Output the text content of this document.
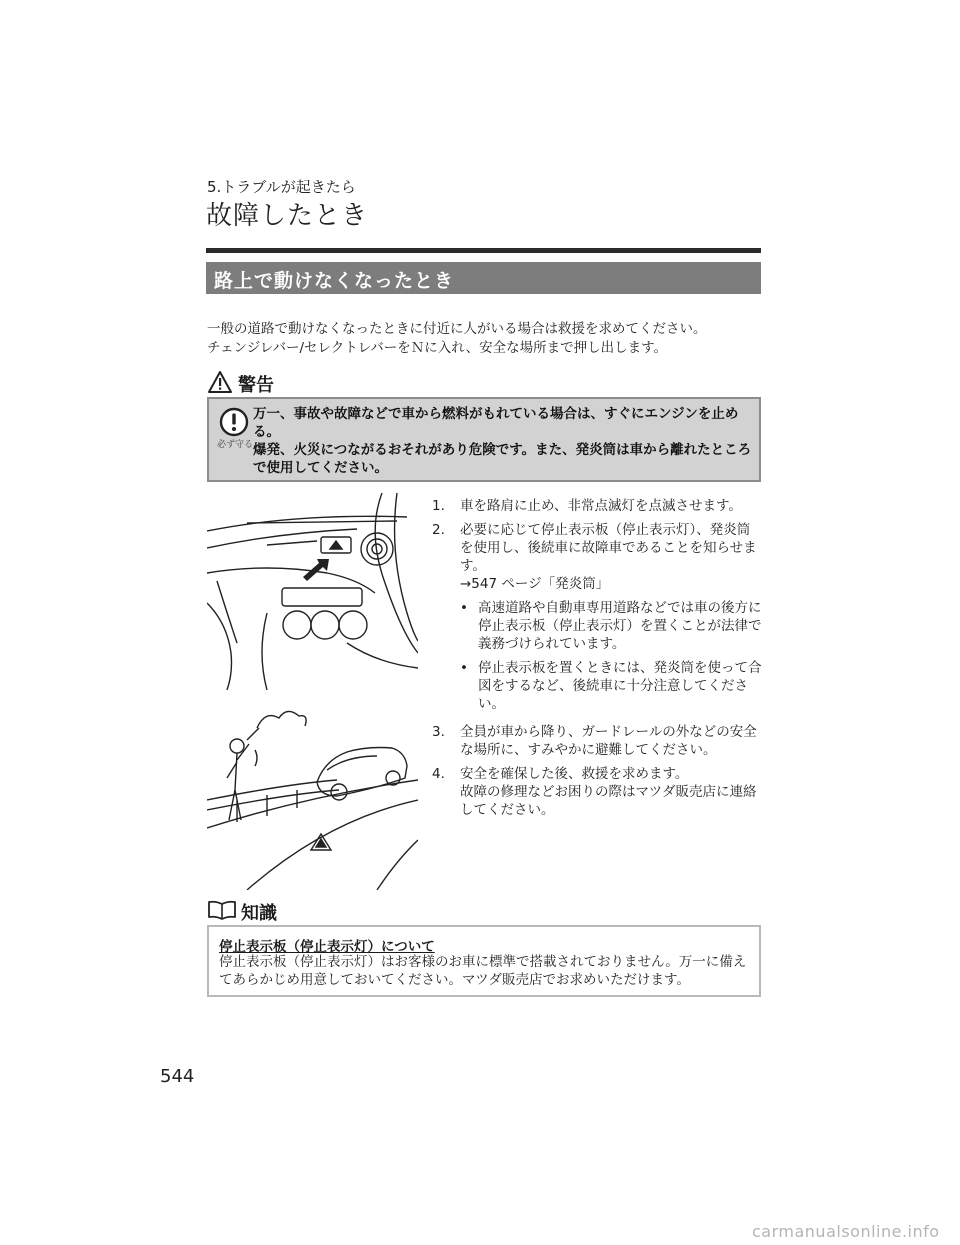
5.トラブルが起きたら
故障したとき
路上で動けなくなったとき
一般の道路で動けなくなったときに付近に人がいる場合は救援を求めてください。
チェンジレバー/セレクトレバーをＮに入れ、安全な場所まで押し出します。
警告
必ず守る
万一、事故や故障などで車から燃料がもれている場合は、すぐにエンジンを止める。
爆発、火災につながるおそれがあり危険です。また、発炎筒は車から離れたところで使用してください。
1. 車を路肩に止め、非常点滅灯を点滅させます。
2. 必要に応じて停止表示板（停止表示灯）、発炎筒を使用し、後続車に故障車であることを知らせます。
→547 ページ「発炎筒」
• 高速道路や自動車専用道路などでは車の後方に停止表示板（停止表示灯）を置くことが法律で義務づけられています。
• 停止表示板を置くときには、発炎筒を使って合図をするなど、後続車に十分注意してください。
3. 全員が車から降り、ガードレールの外などの安全な場所に、すみやかに避難してください。
4. 安全を確保した後、救援を求めます。
故障の修理などお困りの際はマツダ販売店に連絡してください。
知識
停止表示板（停止表示灯）について
停止表示板（停止表示灯）はお客様のお車に標準で搭載されておりません。万一に備えてあらかじめ用意しておいてください。マツダ販売店でお求めいただけます。
544
carmanualsonline.info
